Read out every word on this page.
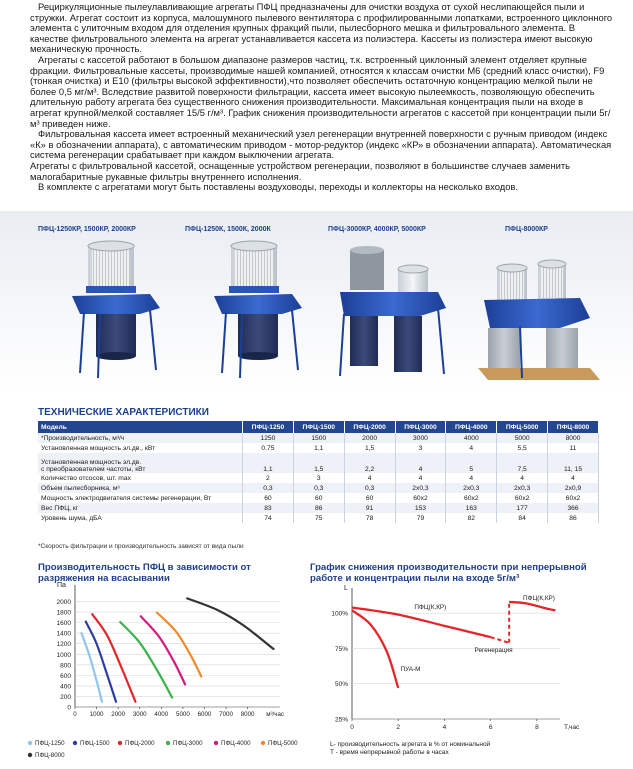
Рециркуляционные пылеулавливающие агрегаты ПФЦ предназначены для очистки воздуха от сухой неслипающейся пыли и стружки. Агрегат состоит из корпуса, малошумного пылевого вентилятора с профилированными лопатками, встроенного циклонного элемента с улиточным входом для отделения крупных фракций пыли, пылесборного мешка и фильтровального элемента. В качестве фильтровального элемента на агрегат устанавливается кассета из полиэстера. Кассеты из полиэстера имеют высокую механическую прочность.

Агрегаты с кассетой работают в большом диапазоне размеров частиц, т.к. встроенный циклонный элемент отделяет крупные фракции. Фильтровальные кассеты, производимые нашей компанией, относятся к классам очистки М6 (средний класс очистки), F9 (тонкая очистка) и Е10 (фильтры высокой эффективности),что позволяет обеспечить остаточную концентрацию мелкой пыли не более 0,5 мг/м³. Вследствие развитой поверхности фильтрации, кассета имеет высокую пылеемкость, позволяющую обеспечить длительную работу агрегата без существенного снижения производительности. Максимальная концентрация пыли на входе в агрегат крупной/мелкой составляет 15/5 г/м³. График снижения производительности агрегатов с кассетой при концентрации пыли 5г/м³ приведен ниже.

Фильтровальная кассета имеет встроенный механический узел регенерации внутренней поверхности с ручным приводом (индекс «К» в обозначении аппарата), с автоматическим приводом - мотор-редуктор (индекс «КР» в обозначении аппарата). Автоматическая система регенерации срабатывает при каждом выключении агрегата.

Агрегаты с фильтровальной кассетой, оснащенные устройством регенерации, позволяют в большинстве случаев заменить малогабаритные рукавные фильтры внутреннего исполнения.

В комплекте с агрегатами могут быть поставлены воздуховоды, переходы и коллекторы на несколько входов.

ПФЦ-1250КР, 1500КР, 2000КР	ПФЦ-1250К, 1500К, 2000К	ПФЦ-3000КР, 4000КР, 5000КР	ПФЦ-8000КР
ТЕХНИЧЕСКИЕ ХАРАКТЕРИСТИКИ
Модель	ПФЦ-1250	ПФЦ-1500	ПФЦ-2000	ПФЦ-3000	ПФЦ-4000	ПФЦ-5000	ПФЦ-8000
*Производительность, м³/ч	1250	1500	2000	3000	4000	5000	8000
Установленная мощность эл.дв., кВт	0,75	1,1	1,5	3	4	5,5	11

Установленная мощность эл.дв.
с преобразователем частоты, кВт	1,1	1,5	2,2	4	5	7,5	11, 15
Количество отсосов, шт. max	2	3	4	4	4	4	4
Объем пылесборника, м³	0,3	0,3	0,3	2х0,3	2х0,3	2х0,3	2х0,9
Мощность электродвигателя системы регенерации, Вт	60	60	60	60х2	60х2	60х2	60х2
Вес ПФЦ, кг	83	86	91	153	163	177	366
Уровень шума, дБА	74	75	78	79	82	84	86
*Скорость фильтрации и производительность зависят от вида пыли
Производительность ПФЦ в зависимости от разряжения на всасывании
График снижения производительности при непрерывной работе и концентрации пыли на входе 5г/м³
Па
0
200
400
600
800
1000
1200
1400
1600
1800
2000
0 1000 2000 3000 4000 5000 6000 7000 8000 м³/час
ПФЦ-1250 ПФЦ-1500 ПФЦ-2000	ПФЦ-3000	ПФЦ-4000	ПФЦ-5000
ПФЦ-8000
L
T,час
25%
50%
75%
100%
0	2	4	6	8
ПФЦ(К,КР)
ПФЦ(К,КР)
ПУА-М
Регенерация
L- производительность агрегата в % от номинальной
T - время непрерывной работы в часах
